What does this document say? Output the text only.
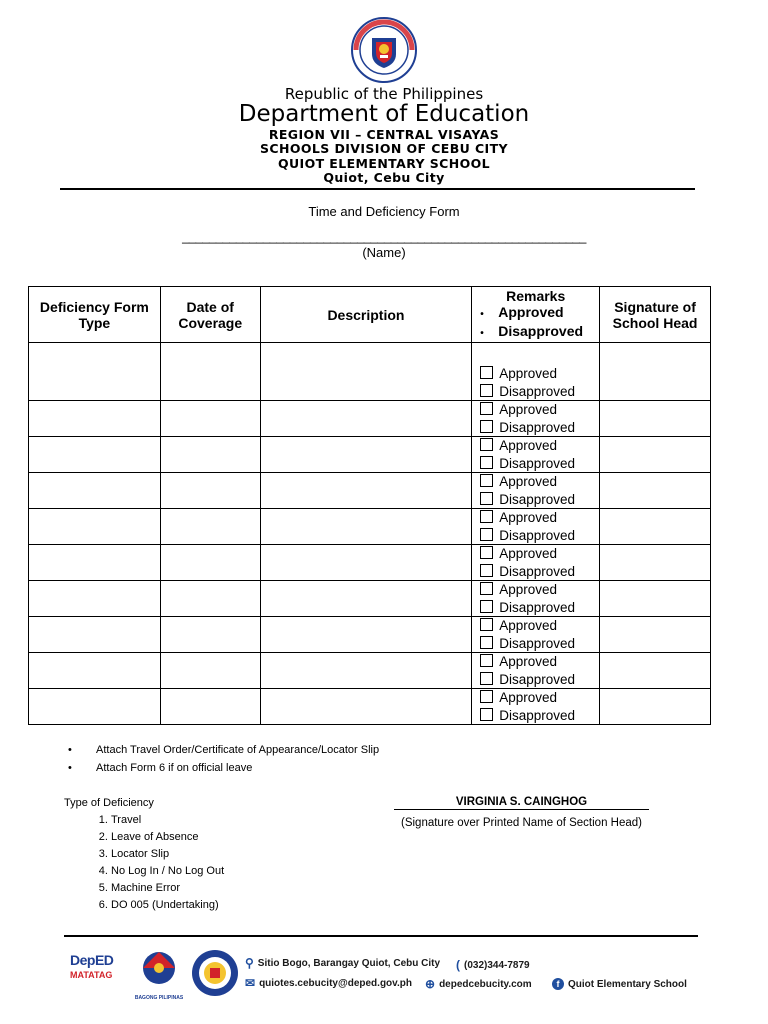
Republic of the Philippines
Department of Education
REGION VII – CENTRAL VISAYAS
SCHOOLS DIVISION OF CEBU CITY
QUIOT ELEMENTARY SCHOOL
Quiot, Cebu City
Time and Deficiency Form
____________________________________________________________
(Name)
Deficiency Form Type	Date of Coverage	Description	Remarks
• Approved
• Disapproved	Signature of School Head

			Approved
Disapproved	

			Approved
Disapproved	

			Approved
Disapproved	

			Approved
Disapproved	

			Approved
Disapproved	

			Approved
Disapproved	

			Approved
Disapproved	

			Approved
Disapproved	

			Approved
Disapproved	

			Approved
Disapproved	

• Attach Travel Order/Certificate of Appearance/Locator Slip
• Attach Form 6 if on official leave
Type of Deficiency
1. Travel
2. Leave of Absence
3. Locator Slip
4. No Log In / No Log Out
5. Machine Error
6. DO 005 (Undertaking)
VIRGINIA S. CAINGHOG
(Signature over Printed Name of Section Head)
DepED
MATATAG
BAGONG PILIPINAS
⚲ Sitio Bogo, Barangay Quiot, Cebu City ( (032)344-7879
✉ quiotes.cebucity@deped.gov.ph ⊕ depedcebucity.com	f Quiot Elementary School
